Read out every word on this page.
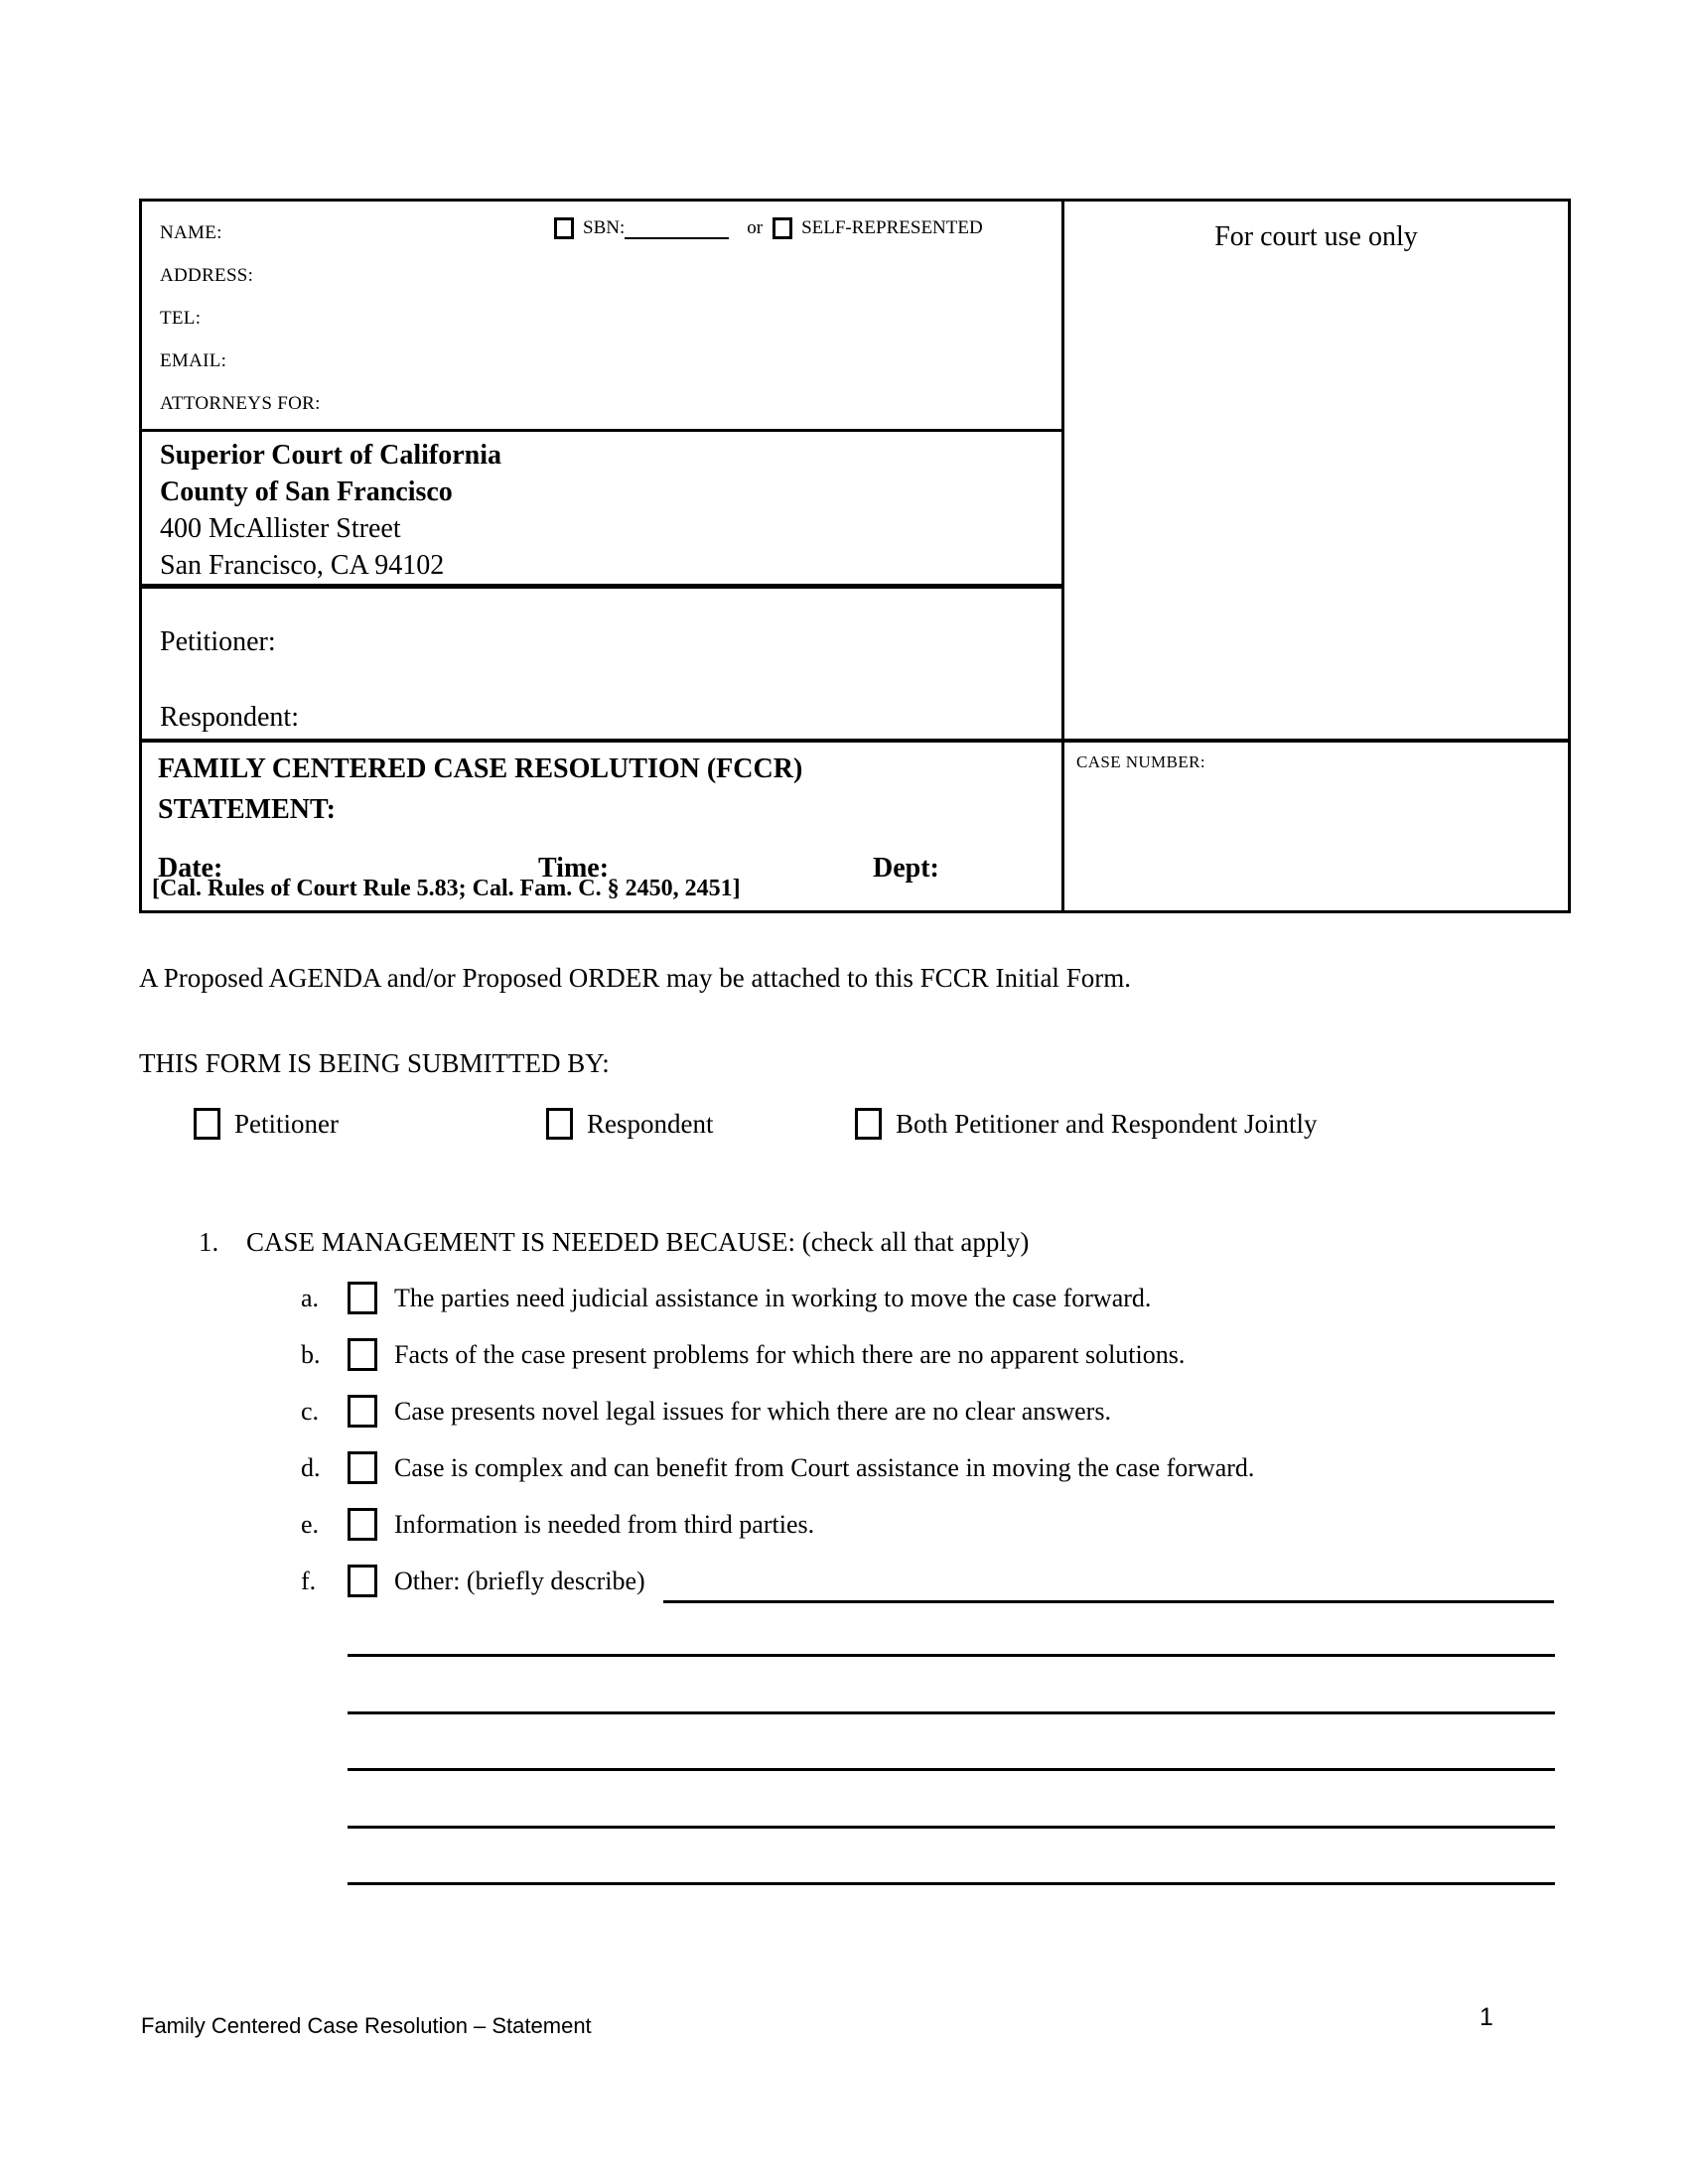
NAME:
ADDRESS:
TEL:
EMAIL:
ATTORNEYS FOR:
SBN:	or SELF-REPRESENTED	For court use only
Superior Court of California
County of San Francisco
400 McAllister Street
San Francisco, CA 94102
Petitioner:
Respondent:
FAMILY CENTERED CASE RESOLUTION (FCCR)
STATEMENT:
Date:	Time:	Dept:
[Cal. Rules of Court Rule 5.83; Cal. Fam. C. § 2450, 2451]
CASE NUMBER:
A Proposed AGENDA and/or Proposed ORDER may be attached to this FCCR Initial Form.
THIS FORM IS BEING SUBMITTED BY:
Petitioner	Respondent	Both Petitioner and Respondent Jointly
1.	CASE MANAGEMENT IS NEEDED BECAUSE: (check all that apply)
a.	The parties need judicial assistance in working to move the case forward.
b.	Facts of the case present problems for which there are no apparent solutions.
c.	Case presents novel legal issues for which there are no clear answers.
d.	Case is complex and can benefit from Court assistance in moving the case forward.
e.	Information is needed from third parties.
f.	Other: (briefly describe)
Family Centered Case Resolution – Statement	1
